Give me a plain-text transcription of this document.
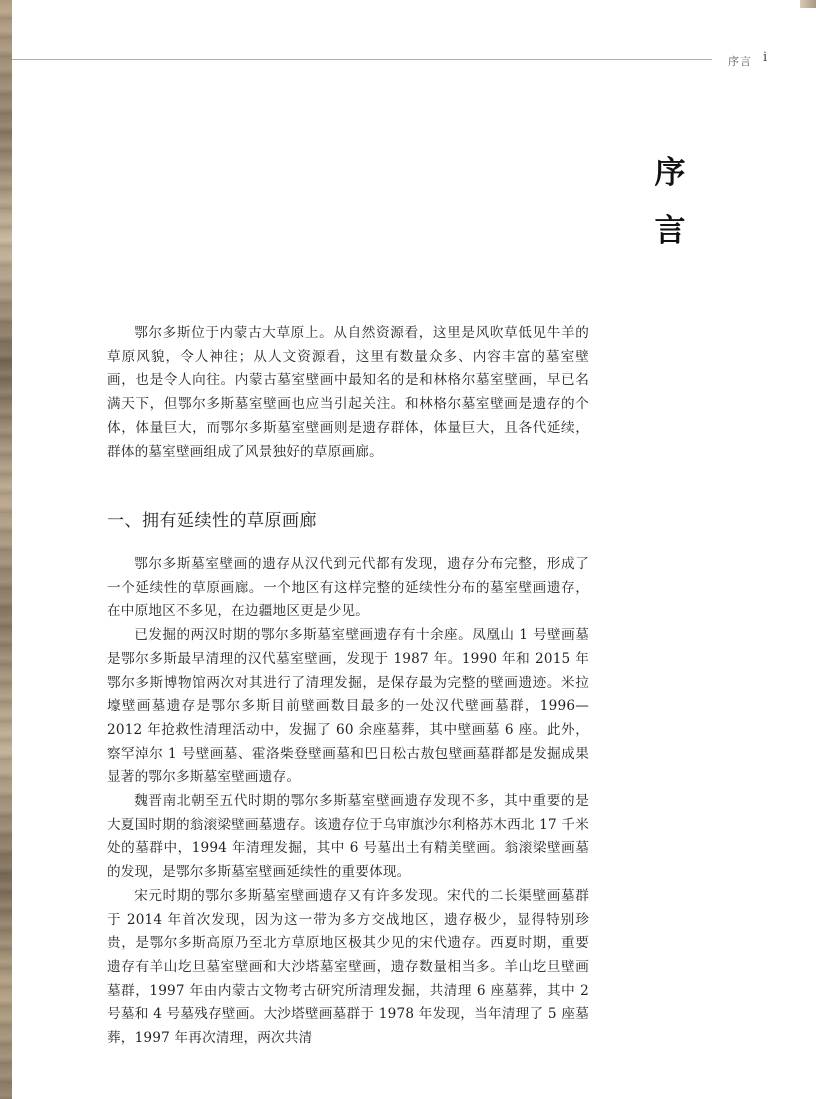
序言 i
序
言

鄂尔多斯位于内蒙古大草原上。从自然资源看，这里是风吹草低见牛羊的草原风貌，令人神往；从人文资源看，这里有数量众多、内容丰富的墓室壁画，也是令人向往。内蒙古墓室壁画中最知名的是和林格尔墓室壁画，早已名满天下，但鄂尔多斯墓室壁画也应当引起关注。和林格尔墓室壁画是遗存的个体，体量巨大，而鄂尔多斯墓室壁画则是遗存群体，体量巨大，且各代延续，群体的墓室壁画组成了风景独好的草原画廊。

一、拥有延续性的草原画廊

鄂尔多斯墓室壁画的遗存从汉代到元代都有发现，遗存分布完整，形成了一个延续性的草原画廊。一个地区有这样完整的延续性分布的墓室壁画遗存，在中原地区不多见，在边疆地区更是少见。

已发掘的两汉时期的鄂尔多斯墓室壁画遗存有十余座。凤凰山 1 号壁画墓是鄂尔多斯最早清理的汉代墓室壁画，发现于 1987 年。1990 年和 2015 年鄂尔多斯博物馆两次对其进行了清理发掘，是保存最为完整的壁画遗迹。米拉壕壁画墓遗存是鄂尔多斯目前壁画数目最多的一处汉代壁画墓群，1996—2012 年抢救性清理活动中，发掘了 60 余座墓葬，其中壁画墓 6 座。此外，察罕淖尔 1 号壁画墓、霍洛柴登壁画墓和巴日松古敖包壁画墓群都是发掘成果显著的鄂尔多斯墓室壁画遗存。

魏晋南北朝至五代时期的鄂尔多斯墓室壁画遗存发现不多，其中重要的是大夏国时期的翁滚梁壁画墓遗存。该遗存位于乌审旗沙尔利格苏木西北 17 千米处的墓群中，1994 年清理发掘，其中 6 号墓出土有精美壁画。翁滚梁壁画墓的发现，是鄂尔多斯墓室壁画延续性的重要体现。

宋元时期的鄂尔多斯墓室壁画遗存又有许多发现。宋代的二长渠壁画墓群于 2014 年首次发现，因为这一带为多方交战地区，遗存极少，显得特别珍贵，是鄂尔多斯高原乃至北方草原地区极其少见的宋代遗存。西夏时期，重要遗存有羊山圪旦墓室壁画和大沙塔墓室壁画，遗存数量相当多。羊山圪旦壁画墓群，1997 年由内蒙古文物考古研究所清理发掘，共清理 6 座墓葬，其中 2 号墓和 4 号墓残存壁画。大沙塔壁画墓群于 1978 年发现，当年清理了 5 座墓葬，1997 年再次清理，两次共清
